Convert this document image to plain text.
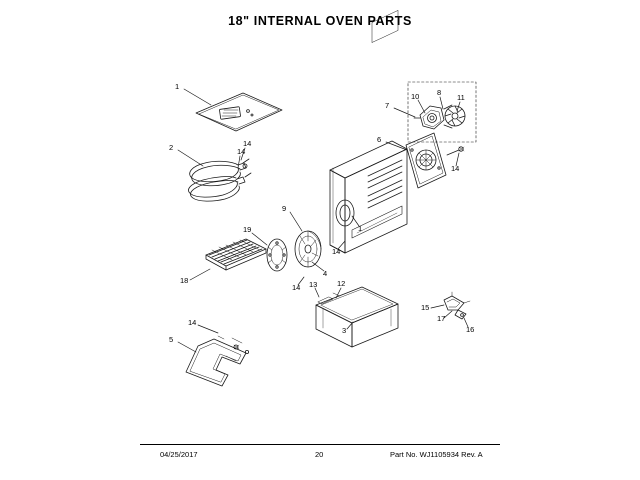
18" INTERNAL OVEN PARTS
1
2	14
7
10 8
11
6
14
9
1
14
19
18
4
14 13	12
3
15
17
16
14
5
14
04/25/2017	20	Part No. WJ1105934 Rev. A
